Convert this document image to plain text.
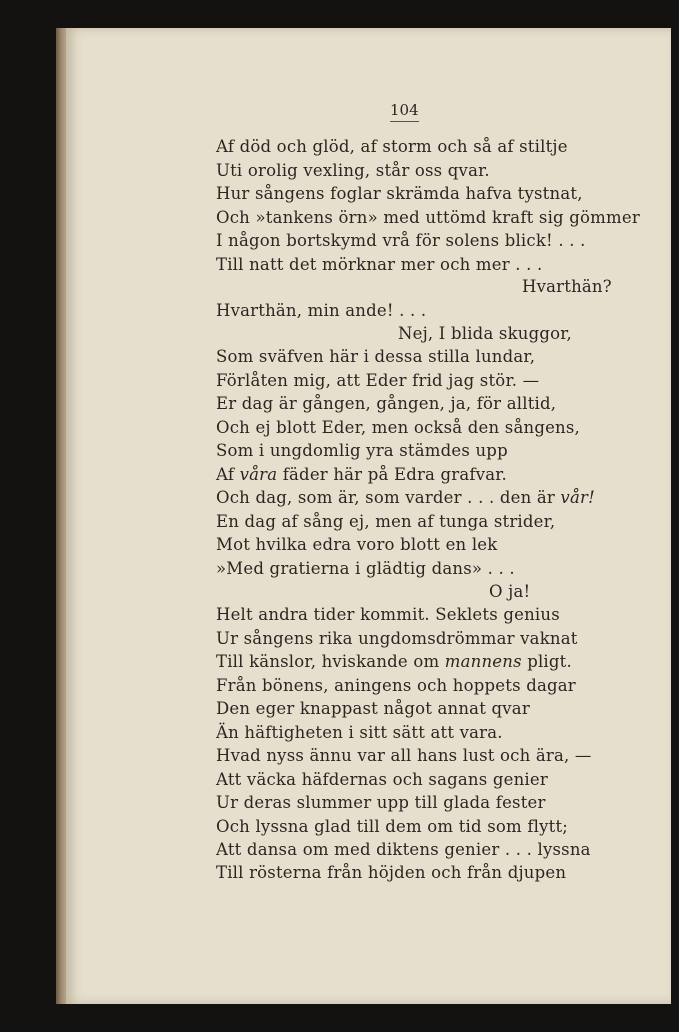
104
Af död och glöd, af storm och så af stiltje
Uti orolig vexling, står oss qvar.
Hur sångens foglar skrämda hafva tystnat,
Och »tankens örn» med uttömd kraft sig gömmer
I någon bortskymd vrå för solens blick! . . .
Till natt det mörknar mer och mer . . .
Hvarthän?
Hvarthän, min ande! . . .
Nej, I blida skuggor,
Som sväfven här i dessa stilla lundar,
Förlåten mig, att Eder frid jag stör. —
Er dag är gången, gången, ja, för alltid,
Och ej blott Eder, men också den sångens,
Som i ungdomlig yra stämdes upp
Af våra fäder här på Edra grafvar.
Och dag, som är, som varder . . . den är vår!
En dag af sång ej, men af tunga strider,
Mot hvilka edra voro blott en lek
»Med gratierna i glädtig dans» . . .
O ja!
Helt andra tider kommit. Seklets genius
Ur sångens rika ungdomsdrömmar vaknat
Till känslor, hviskande om mannens pligt.
Från bönens, aningens och hoppets dagar
Den eger knappast något annat qvar
Än häftigheten i sitt sätt att vara.
Hvad nyss ännu var all hans lust och ära, —
Att väcka häfdernas och sagans genier
Ur deras slummer upp till glada fester
Och lyssna glad till dem om tid som flytt;
Att dansa om med diktens genier . . . lyssna
Till rösterna från höjden och från djupen
